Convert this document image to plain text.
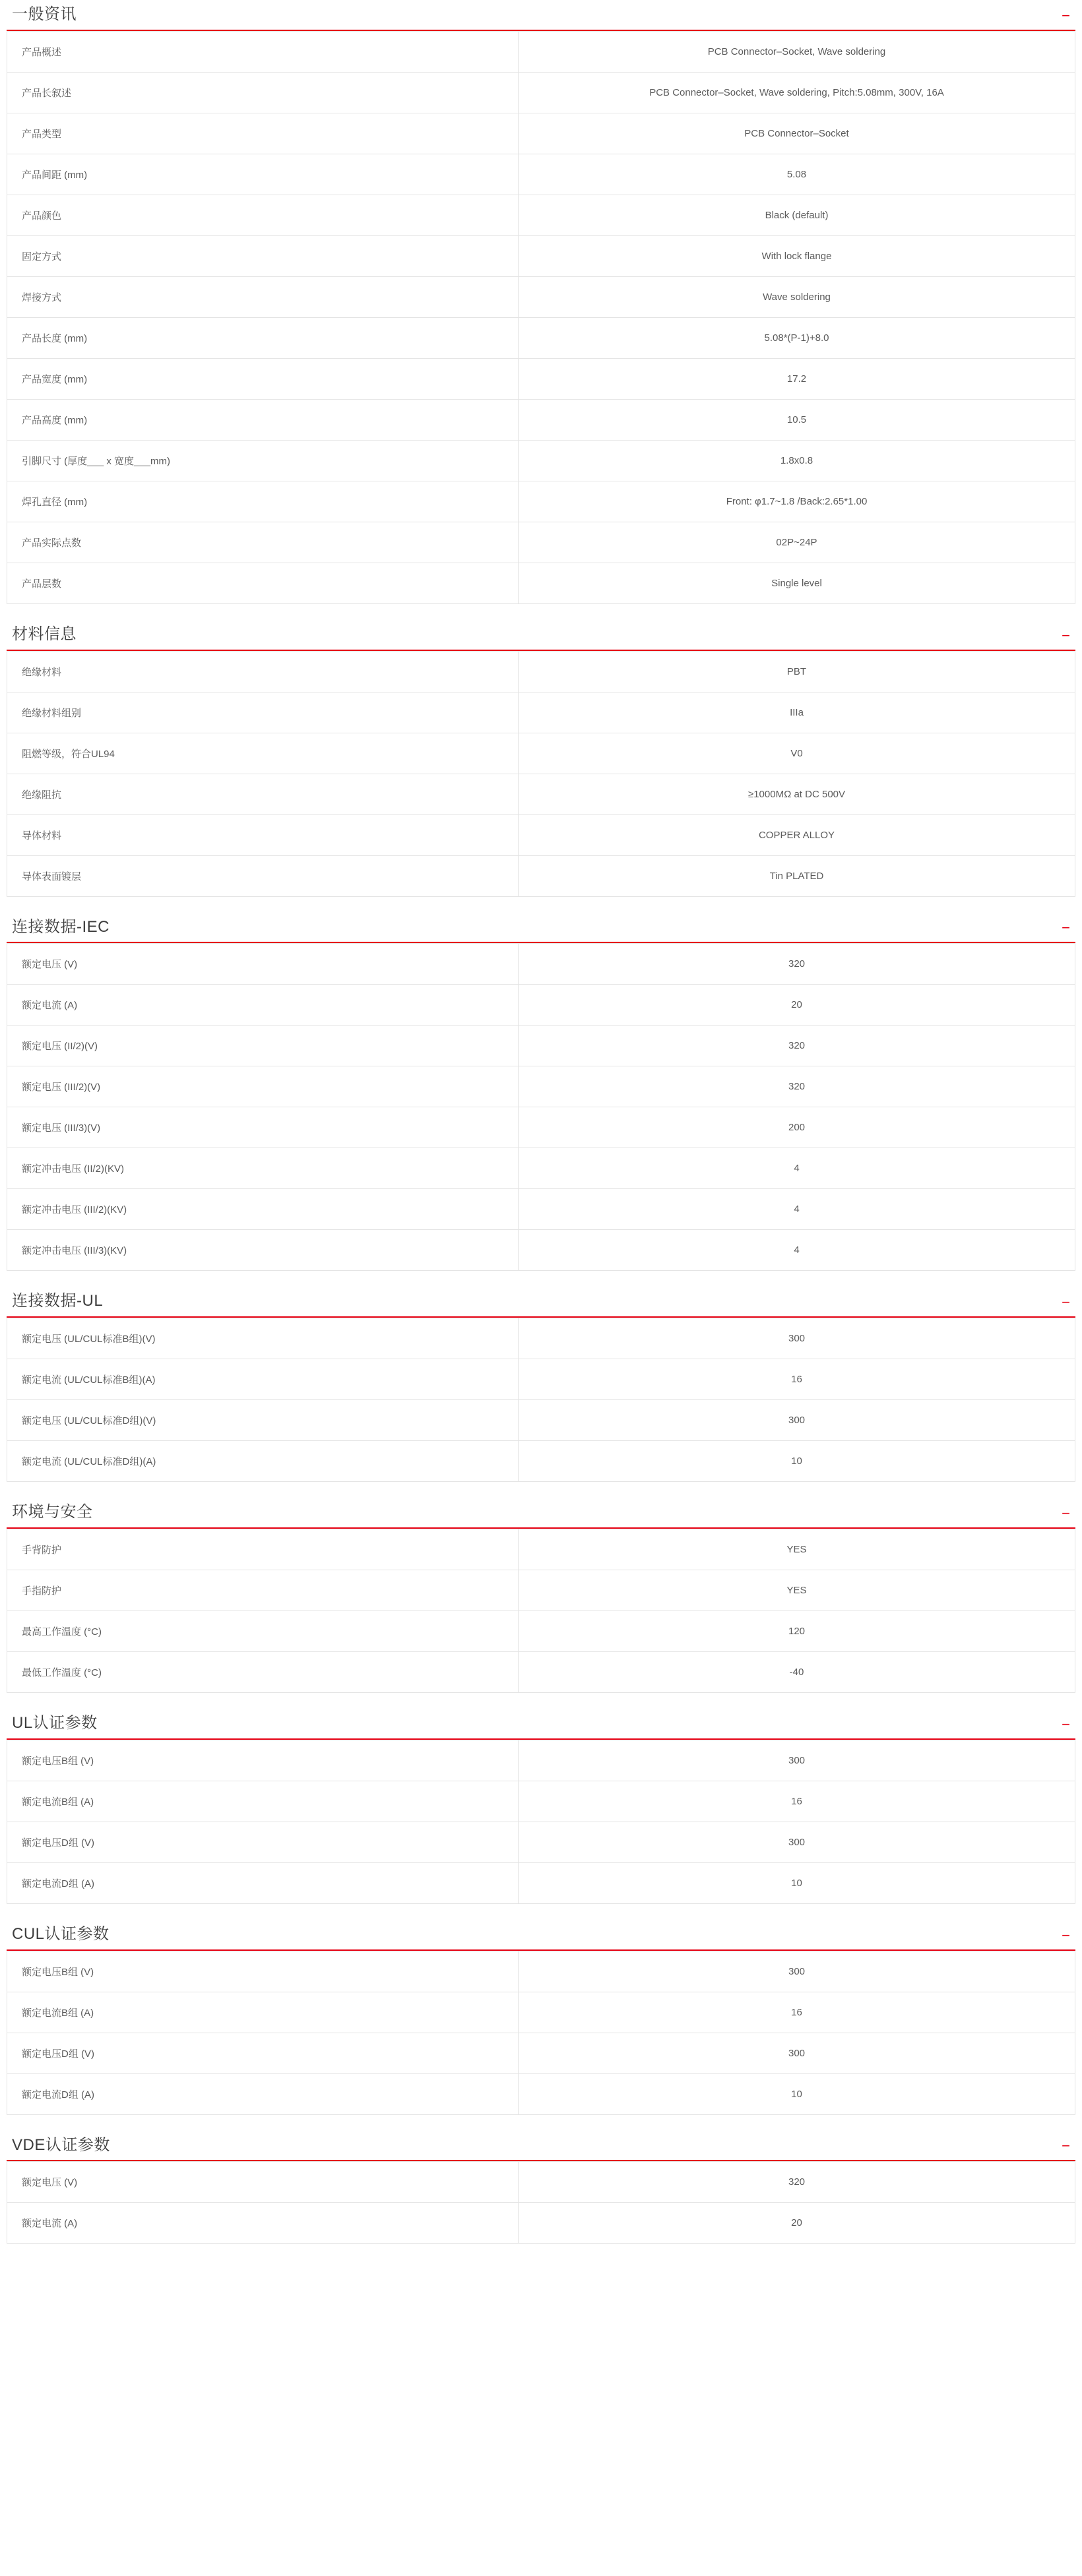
一般资讯	−
产品概述	PCB Connector–Socket, Wave soldering
产品长叙述	PCB Connector–Socket, Wave soldering, Pitch:5.08mm, 300V, 16A
产品类型	PCB Connector–Socket
产品间距 (mm)	5.08
产品颜色	Black (default)
固定方式	With lock flange
焊接方式	Wave soldering
产品长度 (mm)	5.08*(P-1)+8.0
产品宽度 (mm)	17.2
产品高度 (mm)	10.5
引脚尺寸 (厚度___ x 宽度___mm)	1.8x0.8
焊孔直径 (mm)	Front: φ1.7~1.8 /Back:2.65*1.00
产品实际点数	02P~24P
产品层数	Single level
材料信息	−
绝缘材料	PBT
绝缘材料组别	IIIa
阻燃等级，符合UL94	V0
绝缘阻抗	≥1000MΩ at DC 500V
导体材料	COPPER ALLOY
导体表面镀层	Tin PLATED
连接数据-IEC	−
额定电压 (V)	320
额定电流 (A)	20
额定电压 (II/2)(V)	320
额定电压 (III/2)(V)	320
额定电压 (III/3)(V)	200
额定冲击电压 (II/2)(KV)	4
额定冲击电压 (III/2)(KV)	4
额定冲击电压 (III/3)(KV)	4
连接数据-UL	−
额定电压 (UL/CUL标准B组)(V)	300
额定电流 (UL/CUL标准B组)(A)	16
额定电压 (UL/CUL标准D组)(V)	300
额定电流 (UL/CUL标准D组)(A)	10
环境与安全	−
手背防护	YES
手指防护	YES
最高工作温度 (°C)	120
最低工作温度 (°C)	-40
UL认证参数	−
额定电压B组 (V)	300
额定电流B组 (A)	16
额定电压D组 (V)	300
额定电流D组 (A)	10
CUL认证参数	−
额定电压B组 (V)	300
额定电流B组 (A)	16
额定电压D组 (V)	300
额定电流D组 (A)	10
VDE认证参数	−
额定电压 (V)	320
额定电流 (A)	20
